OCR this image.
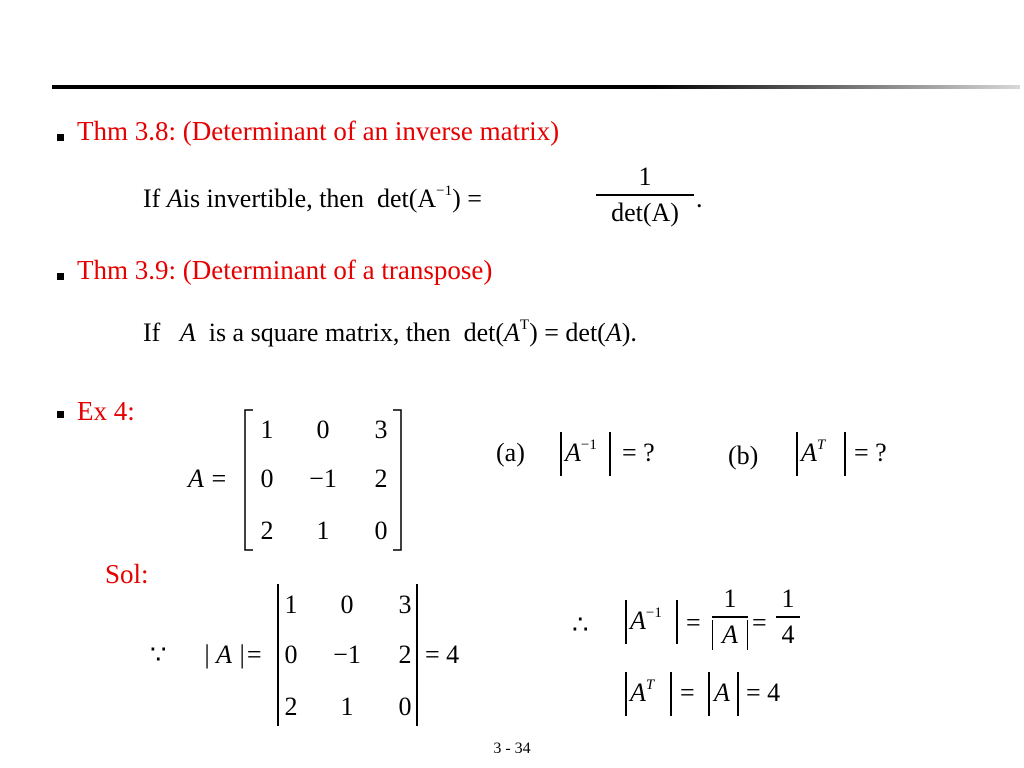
Thm 3.8: (Determinant of an inverse matrix)
If Ais invertible, then $\det(A^{-1})$ =
1
det(A) .
Thm 3.9: (Determinant of a transpose)
If A is a square matrix, then $\det(A^T) = \det(A)$.
Ex 4:
A =
1	0	3
0	−1	2
2	1	0
(a) $A^{-1}$ = ?	(b) $A^T$ = ?
Sol:
∵ | A |=
1	0	3
0	−1	2
2	1	0
= 4
∴ $A^{-1}$ =
1
A =
1
4
$A^T = A = 4$
3 - 34
